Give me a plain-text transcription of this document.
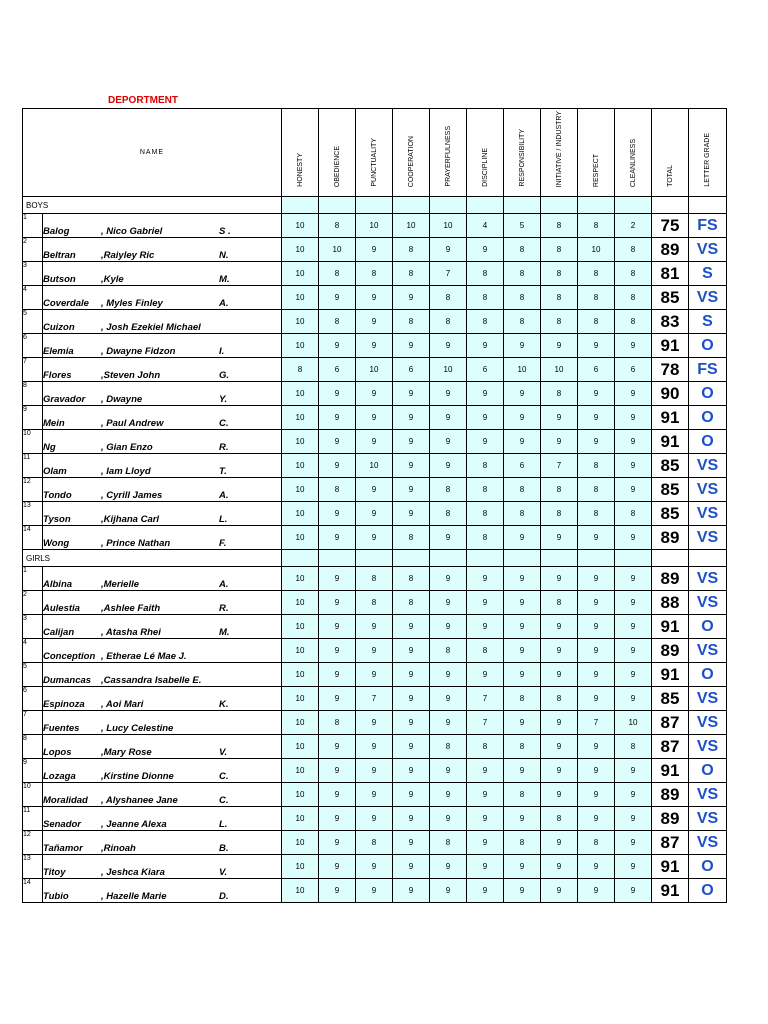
DEPORTMENT
NAME		HONESTY	OBEDIENCE	PUNCTUALITY	COOPERATION	PRAYERFULNESS	DISCIPLINE	RESPONSIBILITY	INITIATIVE / INDUSTRY	RESPECT	CLEANLINESS	TOTAL	LETTER GRADE
BOYS													
1	Balog , Nico Gabriel S .	10	8	10	10	10	4	5	8	8	2	75	FS
2	Beltran ,Raiyley Ric N.	10	10	9	8	9	9	8	8	10	8	89	VS
3	Butson ,Kyle M.	10	8	8	8	7	8	8	8	8	8	81	S
4	Coverdale , Myles Finley A.	10	9	9	9	8	8	8	8	8	8	85	VS
5	Cuizon , Josh Ezekiel Michael	10	8	9	8	8	8	8	8	8	8	83	S
6	Elemia , Dwayne Fidzon I.	10	9	9	9	9	9	9	9	9	9	91	O
7	Flores ,Steven John G.	8	6	10	6	10	6	10	10	6	6	78	FS
8	Gravador , Dwayne Y.	10	9	9	9	9	9	9	8	9	9	90	O
9	Mein , Paul Andrew C.	10	9	9	9	9	9	9	9	9	9	91	O
10	Ng , Gian Enzo R.	10	9	9	9	9	9	9	9	9	9	91	O
11	Olam , Iam Lloyd T.	10	9	10	9	9	8	6	7	8	9	85	VS
12	Tondo , Cyrill James A.	10	8	9	9	8	8	8	8	8	9	85	VS
13	Tyson ,Kijhana Carl L.	10	9	9	9	8	8	8	8	8	8	85	VS
14	Wong , Prince Nathan F.	10	9	9	8	9	8	9	9	9	9	89	VS
GIRLS													
1	Albina ,Merielle A.	10	9	8	8	9	9	9	9	9	9	89	VS
2	Aulestia ,Ashlee Faith R.	10	9	8	8	9	9	9	8	9	9	88	VS
3	Calijan , Atasha Rhei M.	10	9	9	9	9	9	9	9	9	9	91	O
4	Conception , Etherae Lé Mae J.	10	9	9	9	8	8	9	9	9	9	89	VS
5	Dumancas ,Cassandra Isabelle E.	10	9	9	9	9	9	9	9	9	9	91	O
6	Espinoza , Aoi Mari K.	10	9	7	9	9	7	8	8	9	9	85	VS
7	Fuentes , Lucy Celestine	10	8	9	9	9	7	9	9	7	10	87	VS
8	Lopos ,Mary Rose V.	10	9	9	9	8	8	8	9	9	8	87	VS
9	Lozaga ,Kirstine Dionne C.	10	9	9	9	9	9	9	9	9	9	91	O
10	Moralidad , Alyshanee Jane C.	10	9	9	9	9	9	8	9	9	9	89	VS
11	Senador , Jeanne Alexa L.	10	9	9	9	9	9	9	8	9	9	89	VS
12	Tañamor ,Rinoah B.	10	9	8	9	8	9	8	9	8	9	87	VS
13	Titoy , Jeshca Kiara V.	10	9	9	9	9	9	9	9	9	9	91	O
14	Tubio , Hazelle Marie D.	10	9	9	9	9	9	9	9	9	9	91	O
